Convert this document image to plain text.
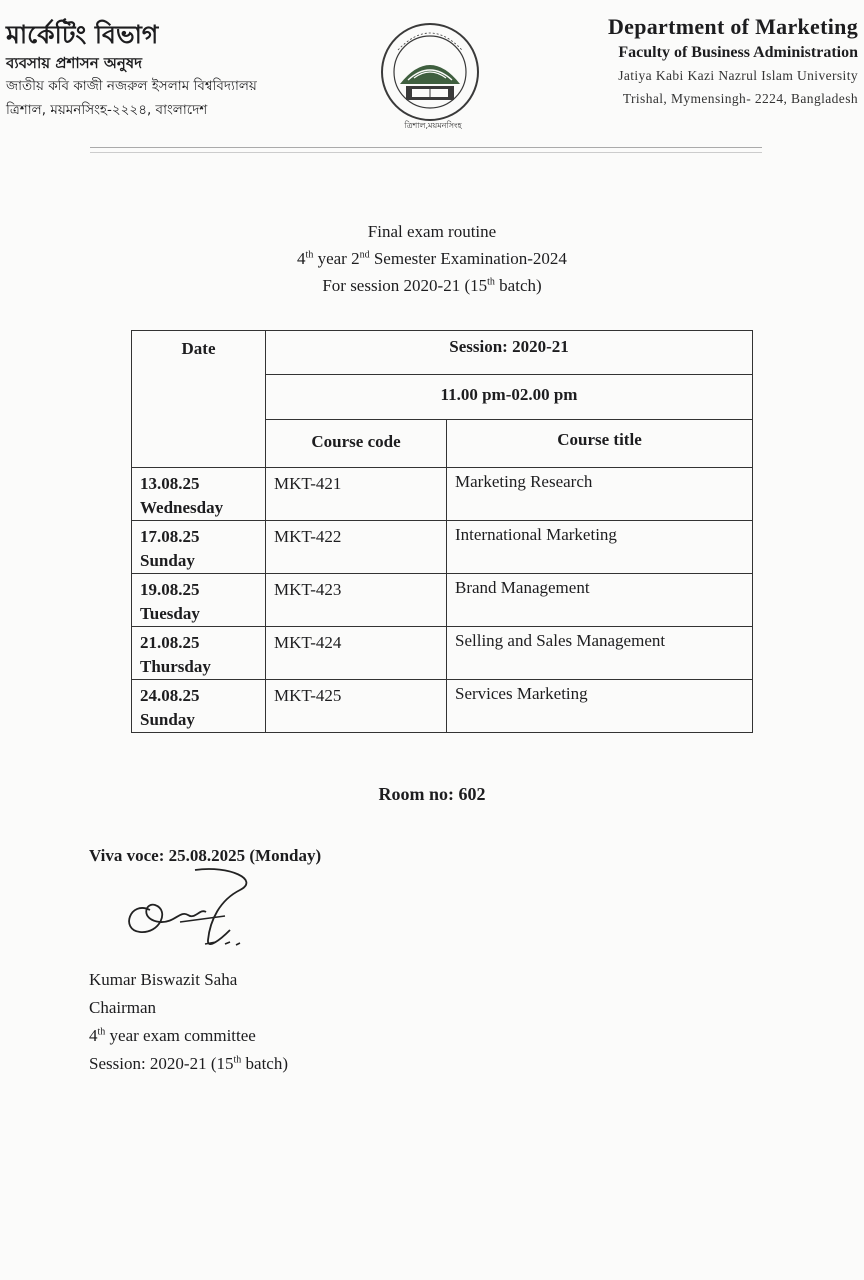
মার্কেটিং বিভাগ
ব্যবসায় প্রশাসন অনুষদ
জাতীয় কবি কাজী নজরুল ইসলাম বিশ্ববিদ্যালয়
ত্রিশাল, ময়মনসিংহ-২২২৪, বাংলাদেশ
ত্রিশাল,ময়মনসিংহ
Department of Marketing
Faculty of Business Administration
Jatiya Kabi Kazi Nazrul Islam University
Trishal, Mymensingh- 2224, Bangladesh
Final exam routine
4th year 2nd Semester Examination-2024
For session 2020-21 (15th batch)
Date	Session: 2020-21	
	11.00 pm-02.00 pm	
	Course code	Course title

13.08.25
Wednesday	MKT-421	Marketing Research

17.08.25
Sunday	MKT-422	International Marketing

19.08.25
Tuesday	MKT-423	Brand Management

21.08.25
Thursday	MKT-424	Selling and Sales Management

24.08.25
Sunday	MKT-425	Services Marketing
Room no: 602
Viva voce: 25.08.2025 (Monday)
Kumar Biswazit Saha
Chairman
4th year exam committee
Session: 2020-21 (15th batch)
